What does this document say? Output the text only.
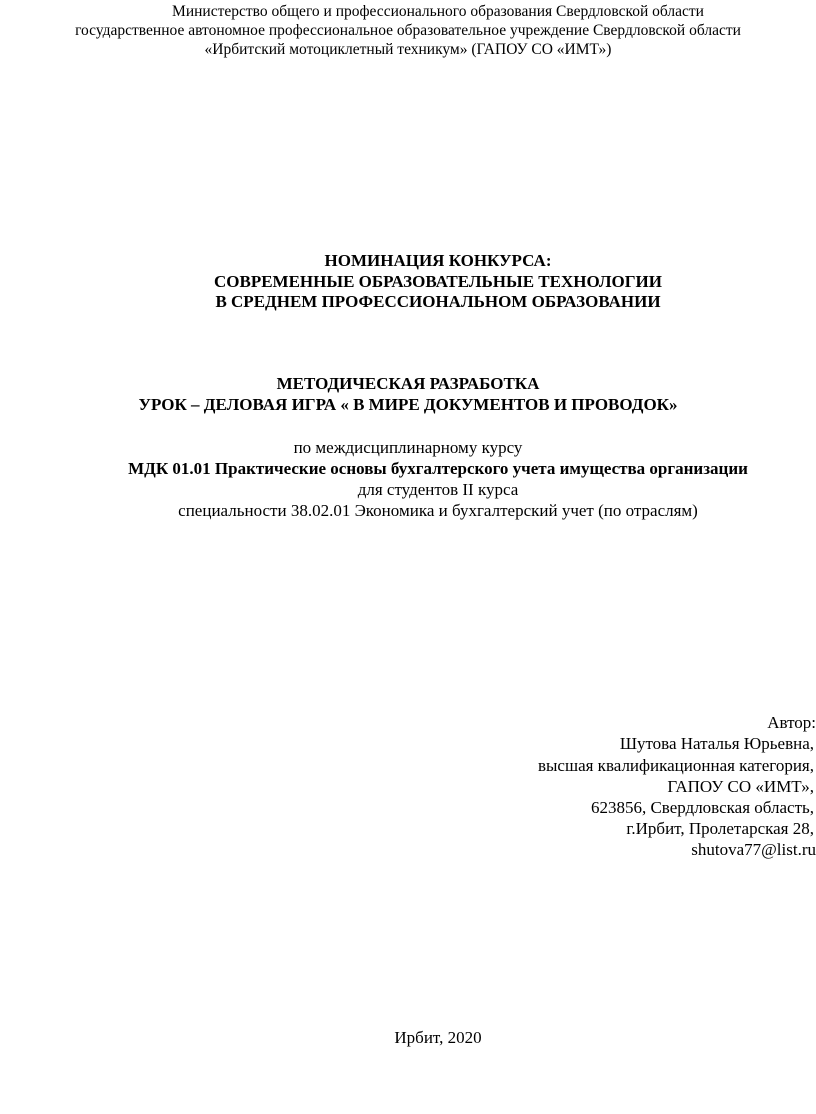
Министерство общего и профессионального образования Свердловской области
государственное автономное профессиональное образовательное учреждение Свердловской области
«Ирбитский мотоциклетный техникум» (ГАПОУ СО «ИМТ»)
НОМИНАЦИЯ КОНКУРСА:
СОВРЕМЕННЫЕ ОБРАЗОВАТЕЛЬНЫЕ ТЕХНОЛОГИИ
В СРЕДНЕМ ПРОФЕССИОНАЛЬНОМ ОБРАЗОВАНИИ
МЕТОДИЧЕСКАЯ РАЗРАБОТКА
УРОК – ДЕЛОВАЯ ИГРА « В МИРЕ ДОКУМЕНТОВ И ПРОВОДОК»
по междисциплинарному курсу
МДК 01.01 Практические основы бухгалтерского учета имущества организации
для студентов II курса
специальности 38.02.01 Экономика и бухгалтерский учет (по отраслям)
Автор:
Шутова Наталья Юрьевна,
высшая квалификационная категория,
ГАПОУ СО «ИМТ»,
623856, Свердловская область,
г.Ирбит, Пролетарская 28,
shutova77@list.ru
Ирбит, 2020
